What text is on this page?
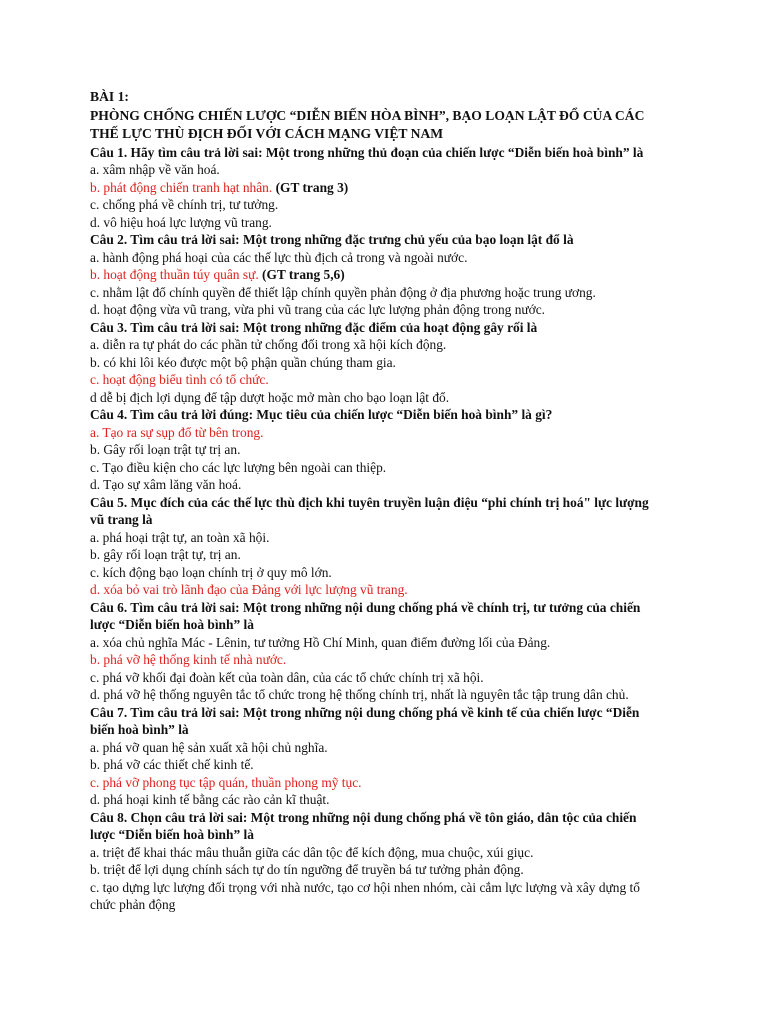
BÀI 1:
PHÒNG CHỐNG CHIẾN LƯỢC “DIỄN BIẾN HÒA BÌNH”, BẠO LOẠN LẬT ĐỔ CỦA CÁC
THẾ LỰC THÙ ĐỊCH ĐỐI VỚI CÁCH MẠNG VIỆT NAM
Câu 1. Hãy tìm câu trả lời sai: Một trong những thủ đoạn của chiến lược “Diễn biến hoà bình” là
a. xâm nhập về văn hoá.
b. phát động chiến tranh hạt nhân. (GT trang 3)
c. chống phá về chính trị, tư tưởng.
d. vô hiệu hoá lực lượng vũ trang.
Câu 2. Tìm câu trả lời sai: Một trong những đặc trưng chủ yếu của bạo loạn lật đổ là
a. hành động phá hoại của các thế lực thù địch cả trong và ngoài nước.
b. hoạt động thuần túy quân sự. (GT trang 5,6)
c. nhằm lật đổ chính quyền để thiết lập chính quyền phản động ở địa phương hoặc trung ương.
d. hoạt động vừa vũ trang, vừa phi vũ trang của các lực lượng phản động trong nước.
Câu 3. Tìm câu trả lời sai: Một trong những đặc điểm của hoạt động gây rối là
a. diễn ra tự phát do các phần tử chống đối trong xã hội kích động.
b. có khi lôi kéo được một bộ phận quần chúng tham gia.
c. hoạt động biểu tình có tổ chức.
d dễ bị địch lợi dụng để tập dượt hoặc mở màn cho bạo loạn lật đổ.
Câu 4. Tìm câu trả lời đúng: Mục tiêu của chiến lược “Diễn biến hoà bình” là gì?
a. Tạo ra sự sụp đổ từ bên trong.
b. Gây rối loạn trật tự trị an.
c. Tạo điều kiện cho các lực lượng bên ngoài can thiệp.
d. Tạo sự xâm lăng văn hoá.
Câu 5. Mục đích của các thế lực thù địch khi tuyên truyền luận điệu “phi chính trị hoá" lực lượng
vũ trang là
a. phá hoại trật tự, an toàn xã hội.
b. gây rối loạn trật tự, trị an.
c. kích động bạo loạn chính trị ở quy mô lớn.
d. xóa bỏ vai trò lãnh đạo của Đảng với lực lượng vũ trang.
Câu 6. Tìm câu trả lời sai: Một trong những nội dung chống phá về chính trị, tư tưởng của chiến
lược “Diễn biến hoà bình” là
a. xóa chủ nghĩa Mác - Lênin, tư tưởng Hồ Chí Minh, quan điểm đường lối của Đảng.
b. phá vỡ hệ thống kinh tế nhà nước.
c. phá vỡ khối đại đoàn kết của toàn dân, của các tổ chức chính trị xã hội.
d. phá vỡ hệ thống nguyên tắc tổ chức trong hệ thống chính trị, nhất là nguyên tắc tập trung dân chủ.
Câu 7. Tìm câu trả lời sai: Một trong những nội dung chống phá về kinh tế của chiến lược “Diễn
biến hoà bình” là
a. phá vỡ quan hệ sản xuất xã hội chủ nghĩa.
b. phá vỡ các thiết chế kinh tế.
c. phá vỡ phong tục tập quán, thuần phong mỹ tục.
d. phá hoại kinh tế bằng các rào cản kĩ thuật.
Câu 8. Chọn câu trả lời sai: Một trong những nội dung chống phá về tôn giáo, dân tộc của chiến
lược “Diễn biến hoà bình” là
a. triệt để khai thác mâu thuẫn giữa các dân tộc để kích động, mua chuộc, xúi giục.
b. triệt để lợi dụng chính sách tự do tín ngưỡng để truyền bá tư tưởng phản động.
c. tạo dựng lực lượng đối trọng với nhà nước, tạo cơ hội nhen nhóm, cài cắm lực lượng và xây dựng tổ
chức phản động
